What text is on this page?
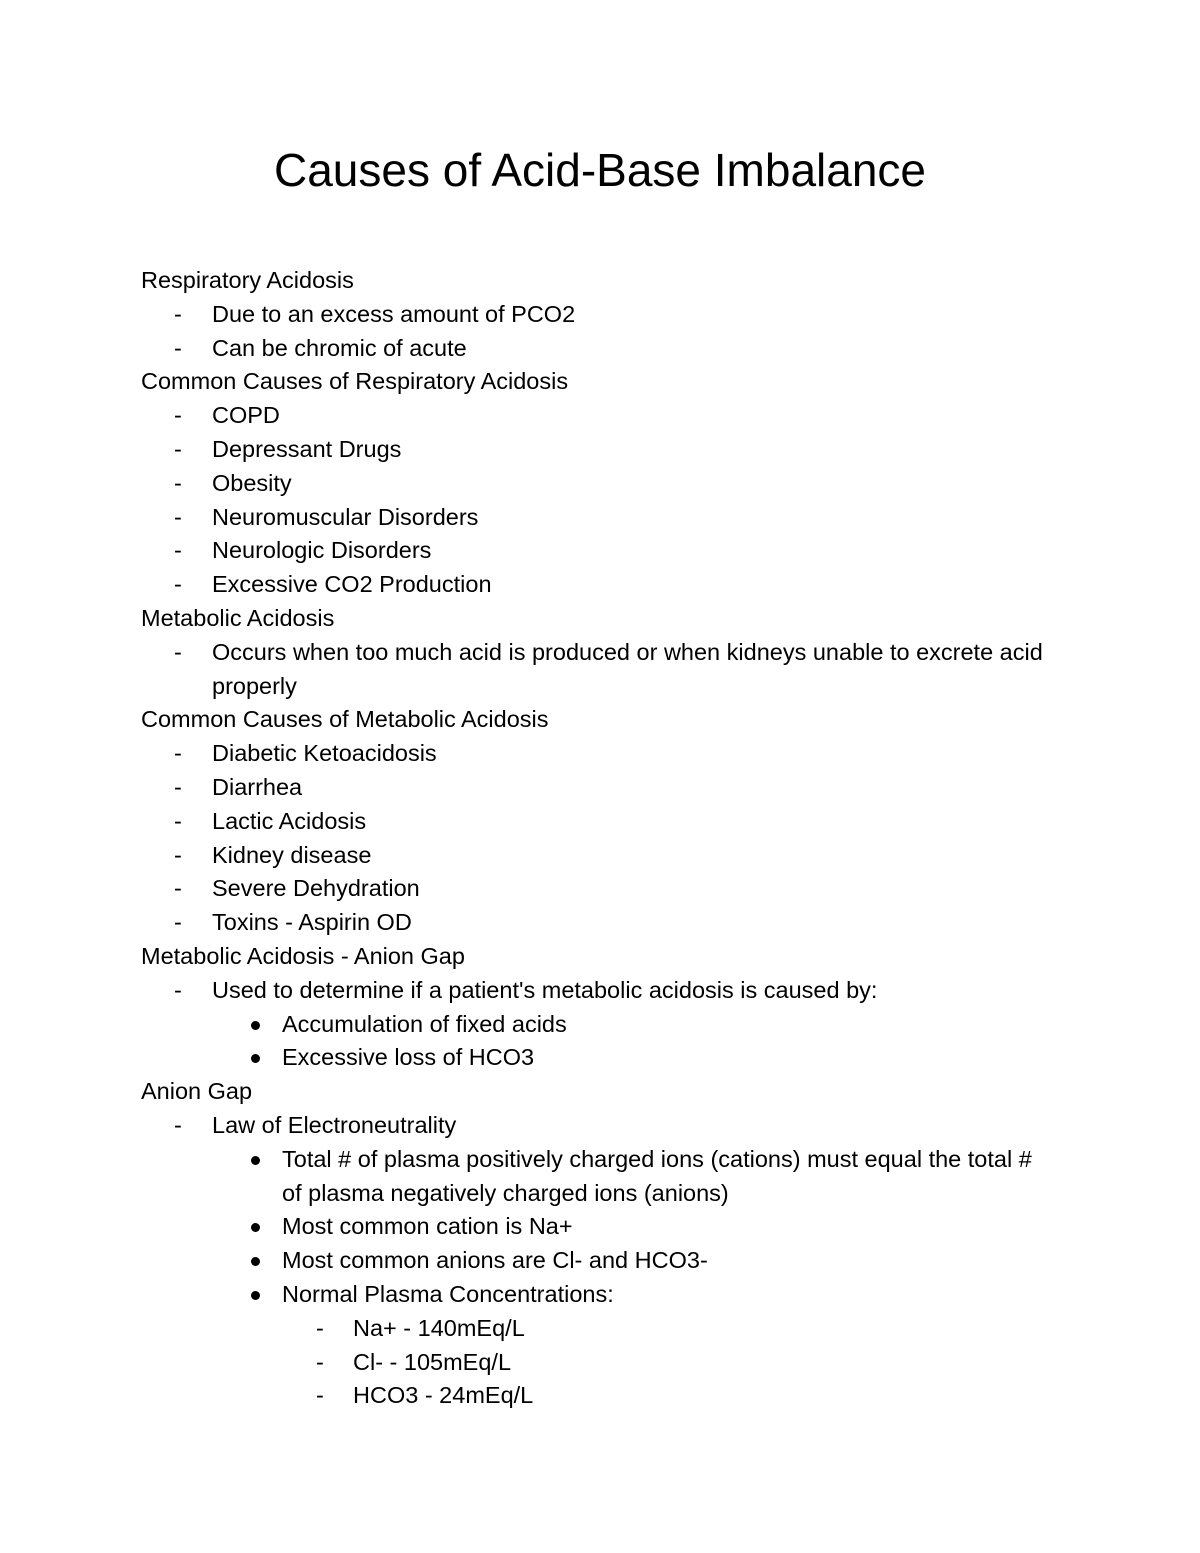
Causes of Acid-Base Imbalance
Respiratory Acidosis
- Due to an excess amount of PCO2
- Can be chromic of acute
Common Causes of Respiratory Acidosis
- COPD
- Depressant Drugs
- Obesity
- Neuromuscular Disorders
- Neurologic Disorders
- Excessive CO2 Production
Metabolic Acidosis
- Occurs when too much acid is produced or when kidneys unable to excrete acid properly
Common Causes of Metabolic Acidosis
- Diabetic Ketoacidosis
- Diarrhea
- Lactic Acidosis
- Kidney disease
- Severe Dehydration
- Toxins - Aspirin OD
Metabolic Acidosis - Anion Gap
- Used to determine if a patient's metabolic acidosis is caused by:
Accumulation of fixed acids
Excessive loss of HCO3
Anion Gap
- Law of Electroneutrality
Total # of plasma positively charged ions (cations) must equal the total # of plasma negatively charged ions (anions)
Most common cation is Na+
Most common anions are Cl- and HCO3-
Normal Plasma Concentrations:
- Na+ - 140mEq/L
- Cl- - 105mEq/L
- HCO3 - 24mEq/L
